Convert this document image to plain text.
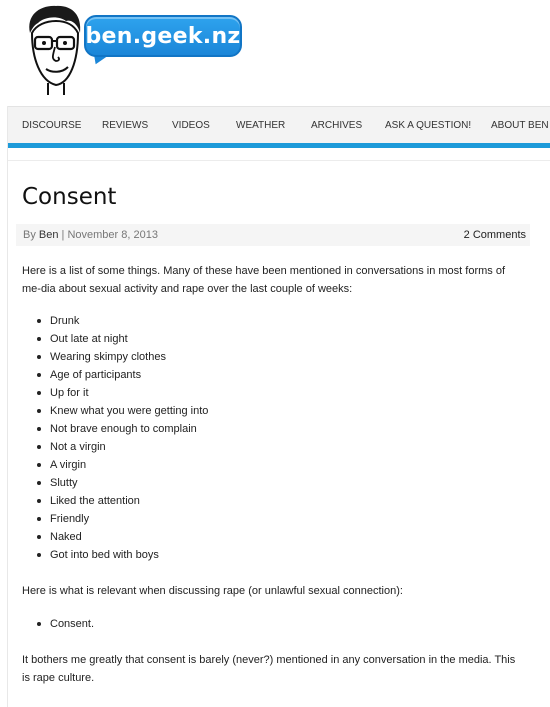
ben.geek.nz
DISCOURSE REVIEWS VIDEOS	WEATHER	ARCHIVES ASK A QUESTION! ABOUT BEN
Consent
By Ben | November 8, 2013	2 Comments

Here is a list of some things. Many of these have been mentioned in conversations in most forms of me-dia about sexual activity and rape over the last couple of weeks:

Drunk
Out late at night
Wearing skimpy clothes
Age of participants
Up for it
Knew what you were getting into
Not brave enough to complain
Not a virgin
A virgin
Slutty
Liked the attention
Friendly
Naked
Got into bed with boys

Here is what is relevant when discussing rape (or unlawful sexual connection):

Consent.

It bothers me greatly that consent is barely (never?) mentioned in any conversation in the media. This is rape culture.
